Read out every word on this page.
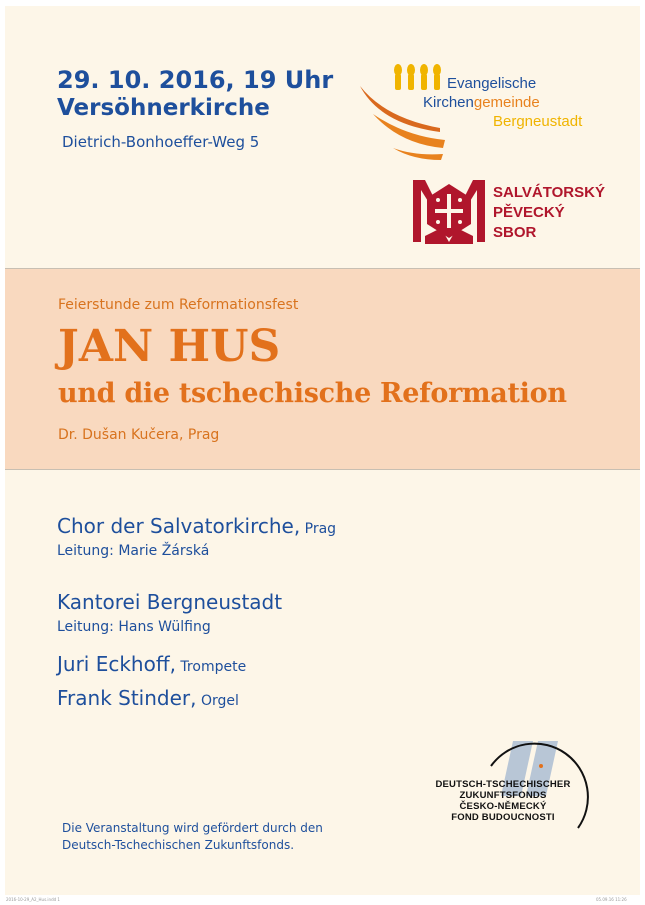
29. 10. 2016, 19 Uhr
Versöhnerkirche
Dietrich-Bonhoeffer-Weg 5
Evangelische
Kirchengemeinde
Bergneustadt
SALVÁTORSKÝ
PĚVECKÝ
SBOR
Feierstunde zum Reformationsfest
JAN HUS
und die tschechische Reformation
Dr. Dušan Kučera, Prag
Chor der Salvatorkirche, Prag
Leitung: Marie Žárská
Kantorei Bergneustadt
Leitung: Hans Wülfing
Juri Eckhoff, Trompete
Frank Stinder, Orgel
Die Veranstaltung wird gefördert durch den
Deutsch-Tschechischen Zukunftsfonds.
DEUTSCH-TSCHECHISCHER
ZUKUNFTSFONDS
ČESKO-NĚMECKÝ
FOND BUDOUCNOSTI
2016-10-29_A2_Hus.indd 1	05.09.16 11:26
